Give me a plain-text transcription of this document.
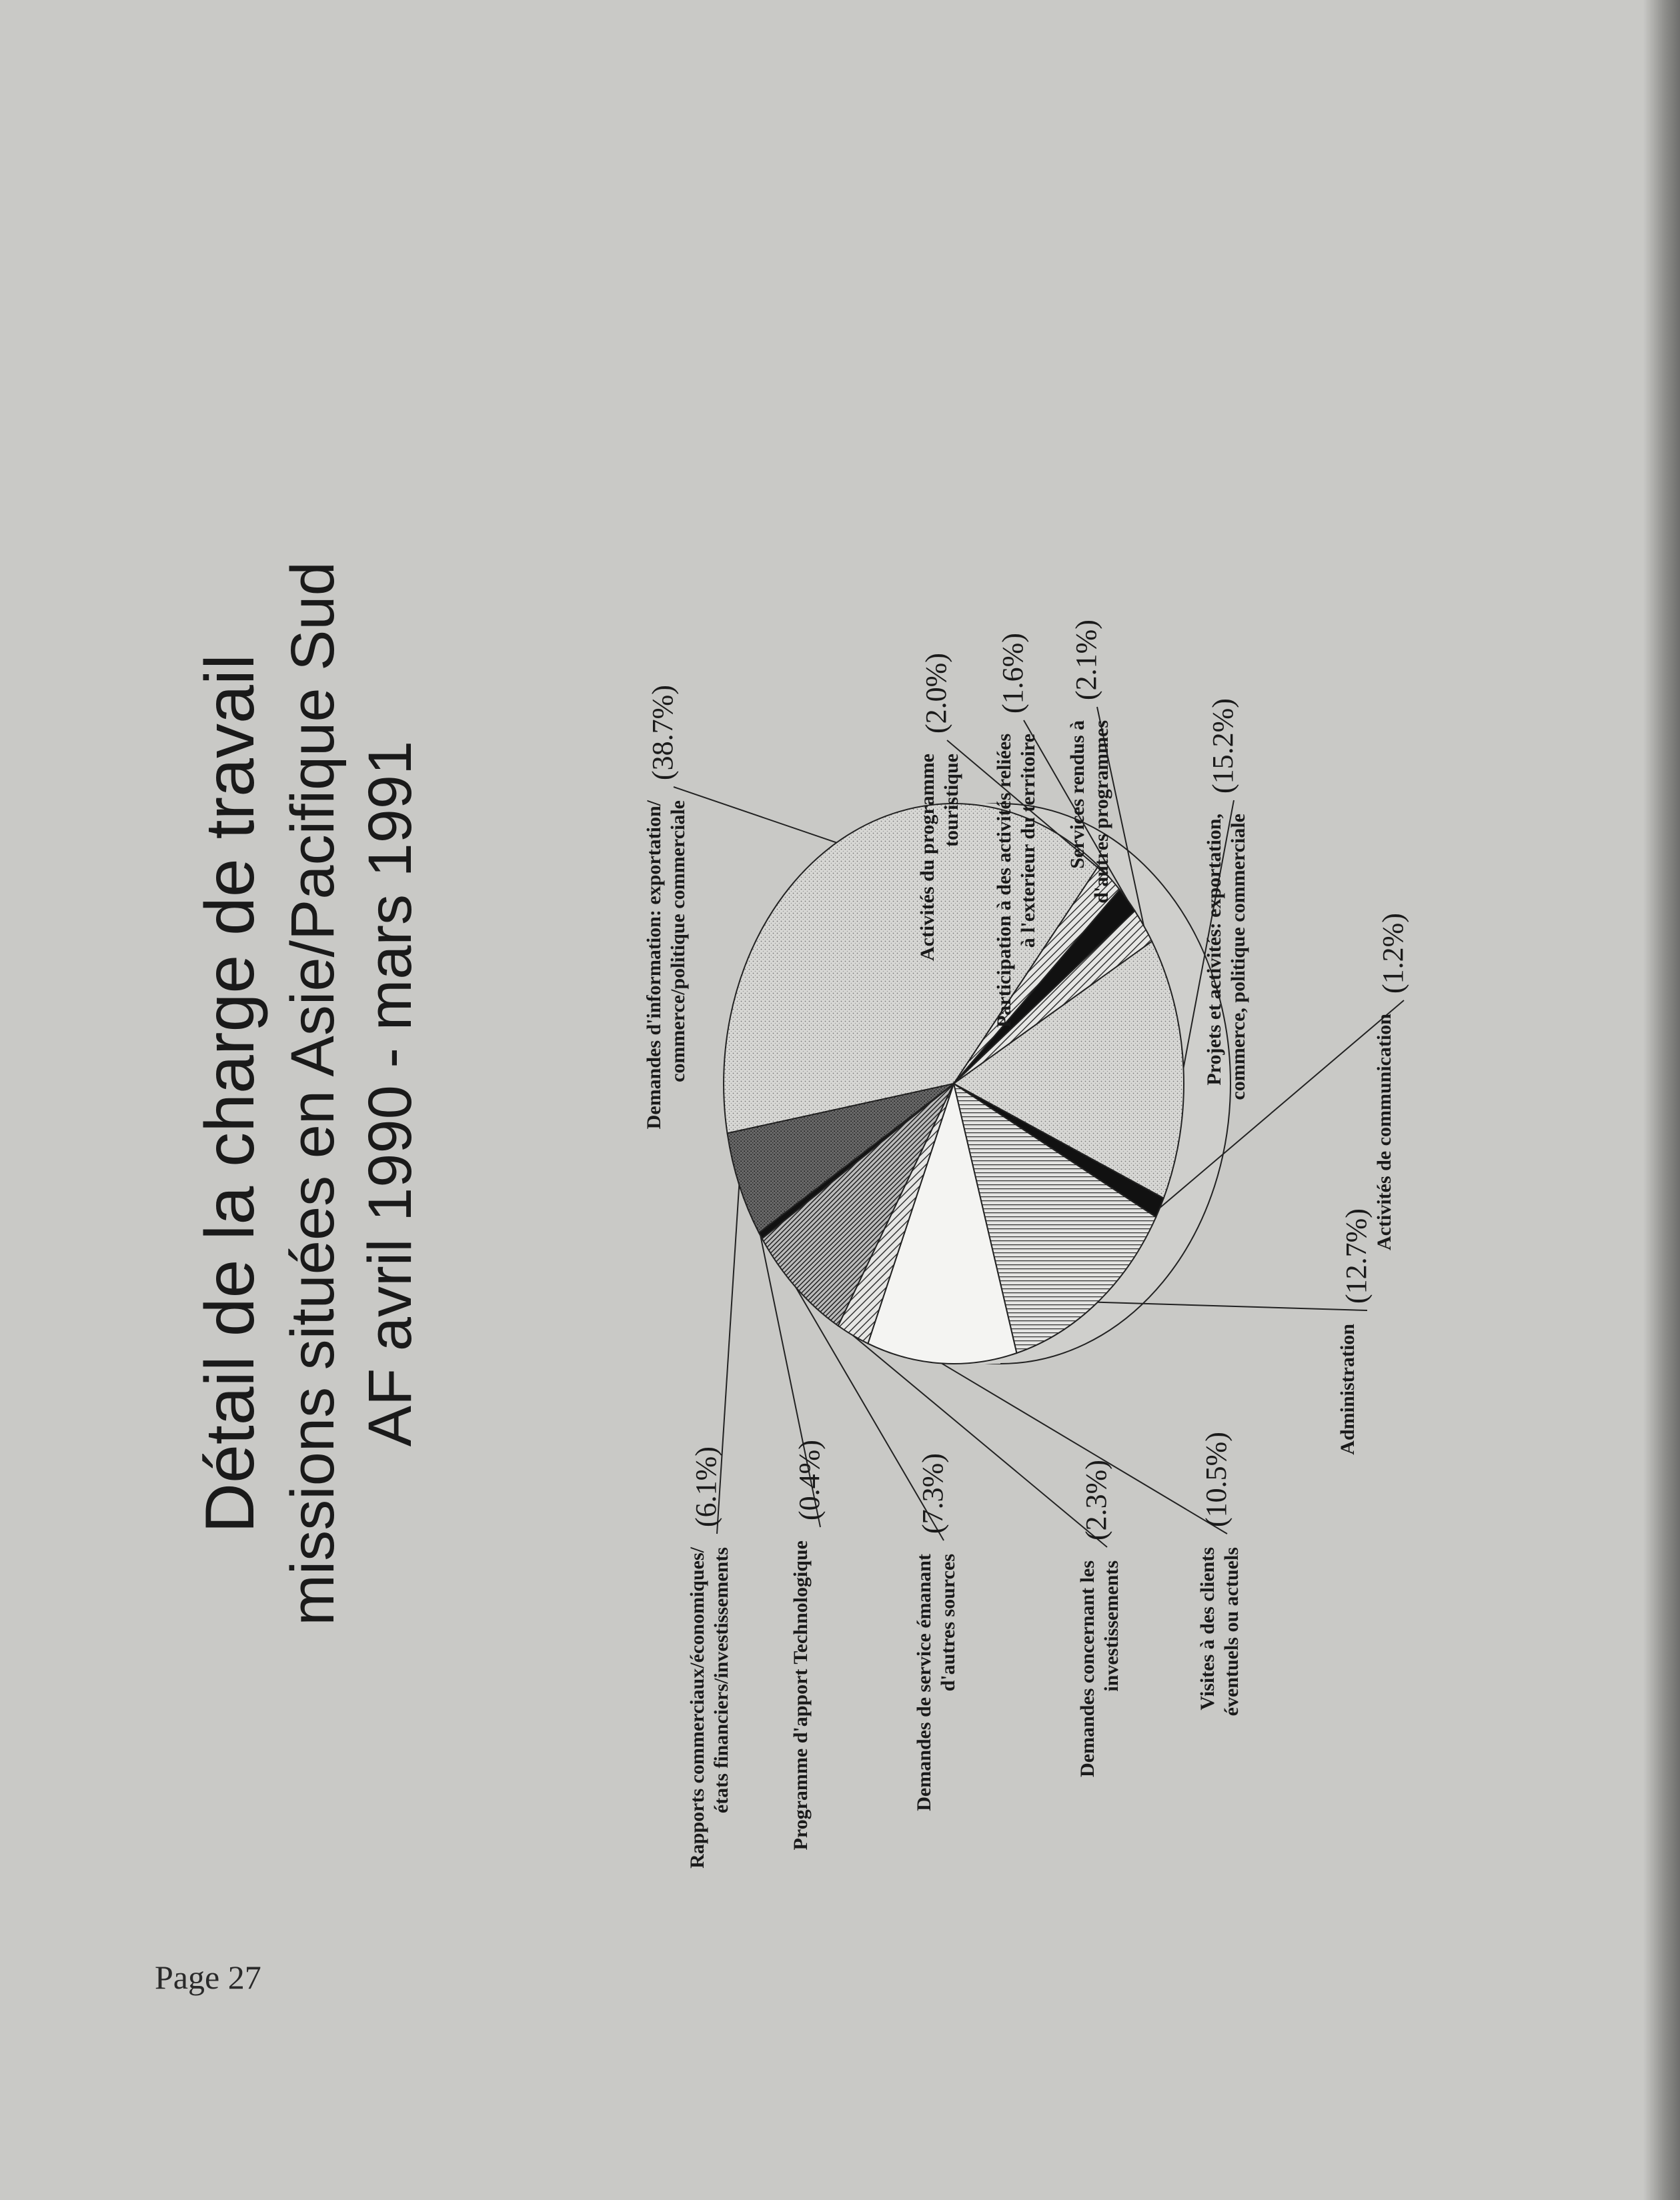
Détail de la charge de travail missions situées en Asie/Pacifique Sud AF avril 1990 - mars 1991	Demandes d'information: exportation/ commerce/politique commerciale
(38.7%)
Activités du programme touristique
(2.0%)
Participation à des activités reliées à l'exterieur du territoire
(1.6%)
Services rendus à d'autres programmes
(2.1%)
Projets et activités: exportation, commerce, politique commerciale
(15.2%)
Activités de communication
(1.2%)
Administration
(12.7%)
Visites à des clients éventuels ou actuels
(10.5%)
Demandes concernant les investissements
(2.3%)
Demandes de service émanant d'autres sources
(7.3%)
Programme d'apport Technologique
(0.4%)
Rapports commerciaux/économiques/ états financiers/investissements
(6.1%)
Page 27
